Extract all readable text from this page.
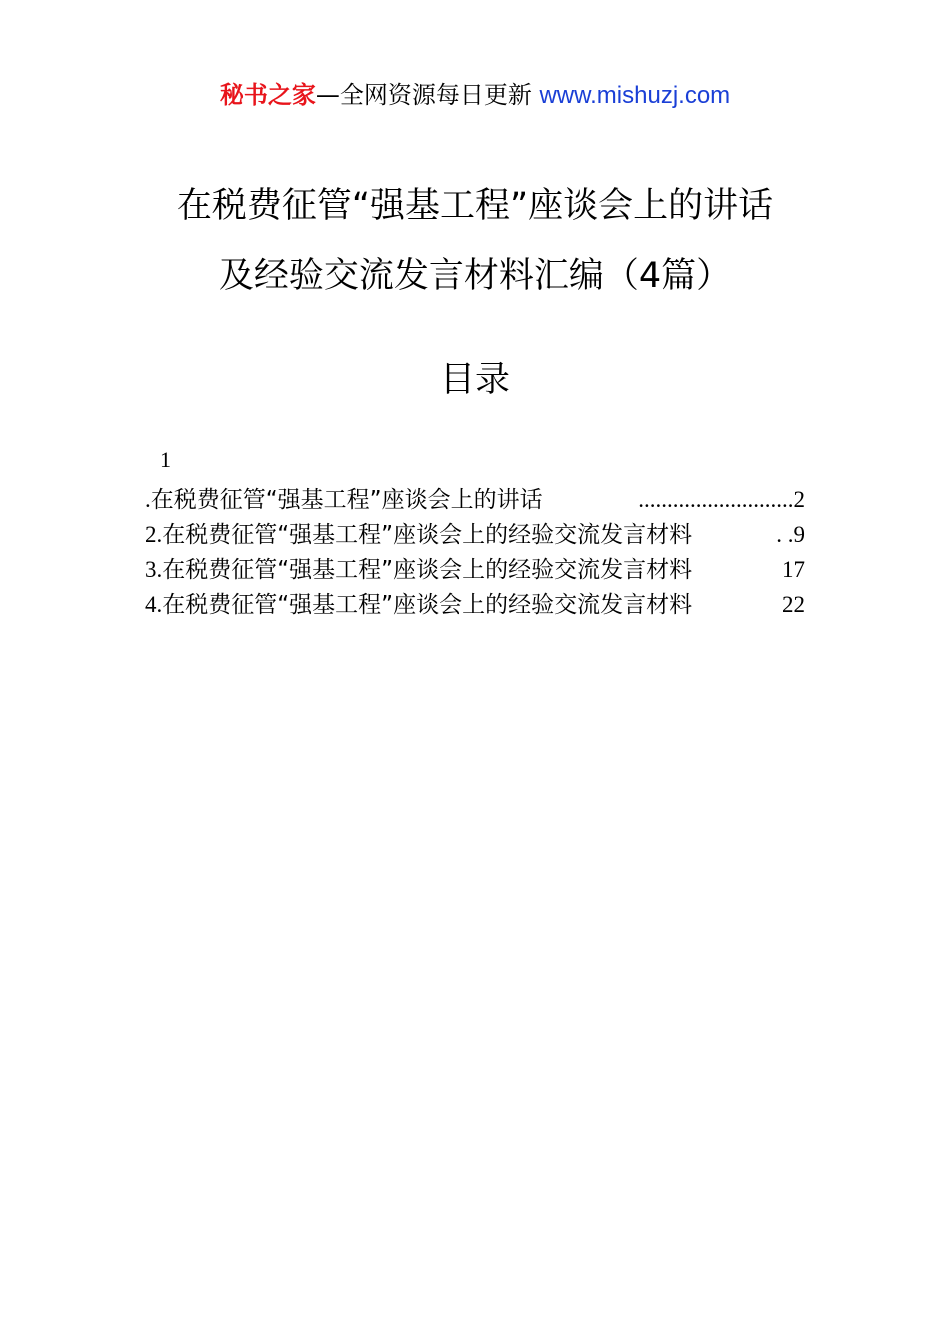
秘书之家—全网资源每日更新 www.mishuzj.com
在税费征管“强基工程”座谈会上的讲话
及经验交流发言材料汇编（4篇）
目录
1
. 在税费征管“强基工程”座谈会上的讲话	........................... 2
2. 在税费征管“强基工程”座谈会上的经验交流发言材料	. . 9
3. 在税费征管“强基工程”座谈会上的经验交流发言材料	17
4. 在税费征管“强基工程”座谈会上的经验交流发言材料	22
